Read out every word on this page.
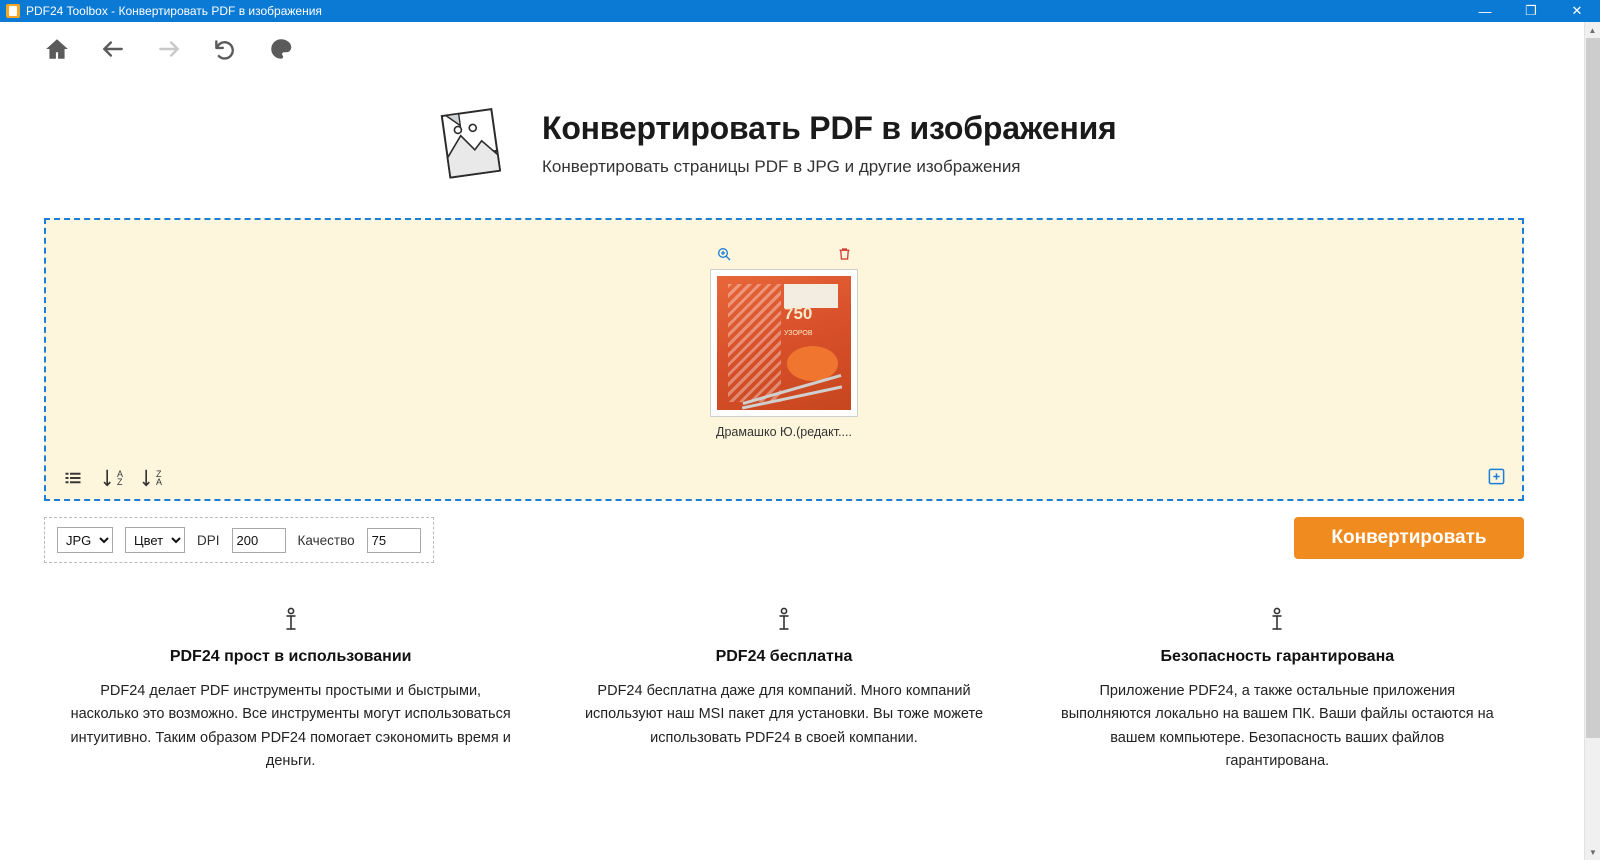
PDF24 Toolbox - Конвертировать PDF в изображения	—	❐	✕
Конвертировать PDF в изображения
Конвертировать страницы PDF в JPG и другие изображения
750
УЗОРОВ
Драмашко Ю.(редакт....
A
Z
Z
A
JPG
Цвет
DPI
200	Качество
75	Конвертировать
PDF24 прост в использовании
PDF24 делает PDF инструменты простыми и быстрыми, насколько это возможно. Все инструменты могут использоваться интуитивно. Таким образом PDF24 помогает сэкономить время и деньги.
PDF24 бесплатна
PDF24 бесплатна даже для компаний. Много компаний используют наш MSI пакет для установки. Вы тоже можете использовать PDF24 в своей компании.
Безопасность гарантирована
Приложение PDF24, а также остальные приложения выполняются локально на вашем ПК. Ваши файлы остаются на вашем компьютере. Безопасность ваших файлов гарантирована.
▲
▼
